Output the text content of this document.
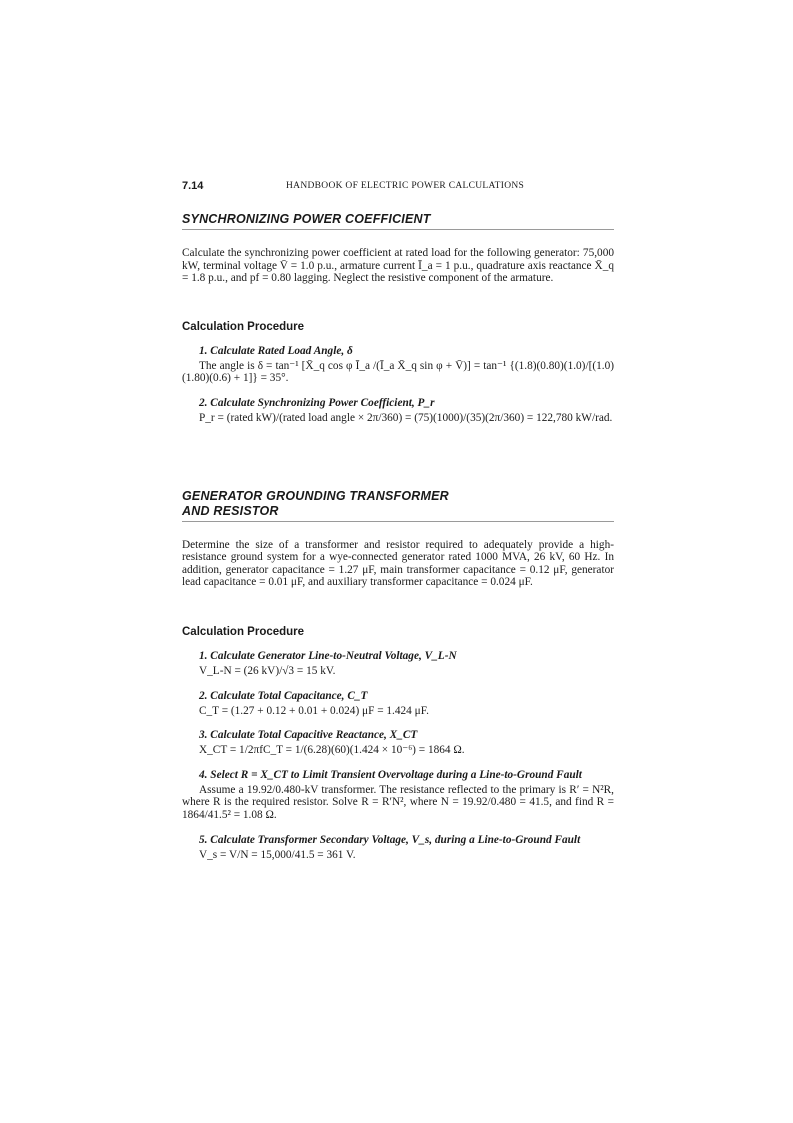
7.14	HANDBOOK OF ELECTRIC POWER CALCULATIONS
SYNCHRONIZING POWER COEFFICIENT

Calculate the synchronizing power coefficient at rated load for the following generator: 75,000 kW, terminal voltage V̄ = 1.0 p.u., armature current Ī_a = 1 p.u., quadrature axis reactance X̄_q = 1.8 p.u., and pf = 0.80 lagging. Neglect the resistive component of the armature.

Calculation Procedure

1. Calculate Rated Load Angle, δ

The angle is δ = tan⁻¹ [X̄_q cos φ Ī_a /(Ī_a X̄_q sin φ + V̄)] = tan⁻¹ {(1.8)(0.80)(1.0)/[(1.0)(1.80)(0.6) + 1]} = 35°.

2. Calculate Synchronizing Power Coefficient, P_r

P_r = (rated kW)/(rated load angle × 2π/360) = (75)(1000)/(35)(2π/360) = 122,780 kW/rad.

GENERATOR GROUNDING TRANSFORMER
AND RESISTOR

Determine the size of a transformer and resistor required to adequately provide a high-resistance ground system for a wye-connected generator rated 1000 MVA, 26 kV, 60 Hz. In addition, generator capacitance = 1.27 μF, main transformer capacitance = 0.12 μF, generator lead capacitance = 0.01 μF, and auxiliary transformer capacitance = 0.024 μF.

Calculation Procedure

1. Calculate Generator Line-to-Neutral Voltage, V_L-N

V_L-N = (26 kV)/√3 = 15 kV.

2. Calculate Total Capacitance, C_T

C_T = (1.27 + 0.12 + 0.01 + 0.024) μF = 1.424 μF.

3. Calculate Total Capacitive Reactance, X_CT

X_CT = 1/2πfC_T = 1/(6.28)(60)(1.424 × 10⁻⁶) = 1864 Ω.

4. Select R = X_CT to Limit Transient Overvoltage during a Line-to-Ground Fault

Assume a 19.92/0.480-kV transformer. The resistance reflected to the primary is R′ = N²R, where R is the required resistor. Solve R = R′N², where N = 19.92/0.480 = 41.5, and find R = 1864/41.5² = 1.08 Ω.

5. Calculate Transformer Secondary Voltage, V_s, during a Line-to-Ground Fault

V_s = V/N = 15,000/41.5 = 361 V.
